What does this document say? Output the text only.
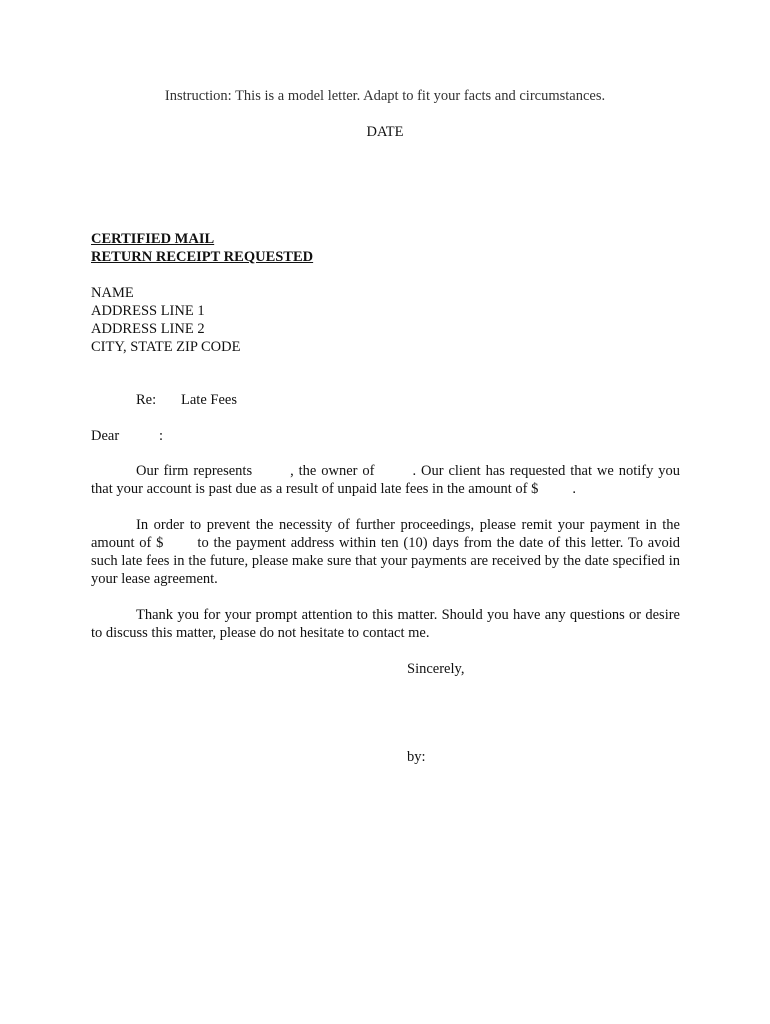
Instruction: This is a model letter. Adapt to fit your facts and circumstances.
DATE
CERTIFIED MAIL
RETURN RECEIPT REQUESTED
NAME
ADDRESS LINE 1
ADDRESS LINE 2
CITY, STATE ZIP CODE
Re: Late Fees
Dear	:
Our firm represents	, the owner of	. Our client has requested that we notify you that your account is past due as a result of unpaid late fees in the amount of $ .
In order to prevent the necessity of further proceedings, please remit your payment in the amount of $ to the payment address within ten (10) days from the date of this letter. To avoid such late fees in the future, please make sure that your payments are received by the date specified in your lease agreement.
Thank you for your prompt attention to this matter. Should you have any questions or desire to discuss this matter, please do not hesitate to contact me.
Sincerely,
by:
